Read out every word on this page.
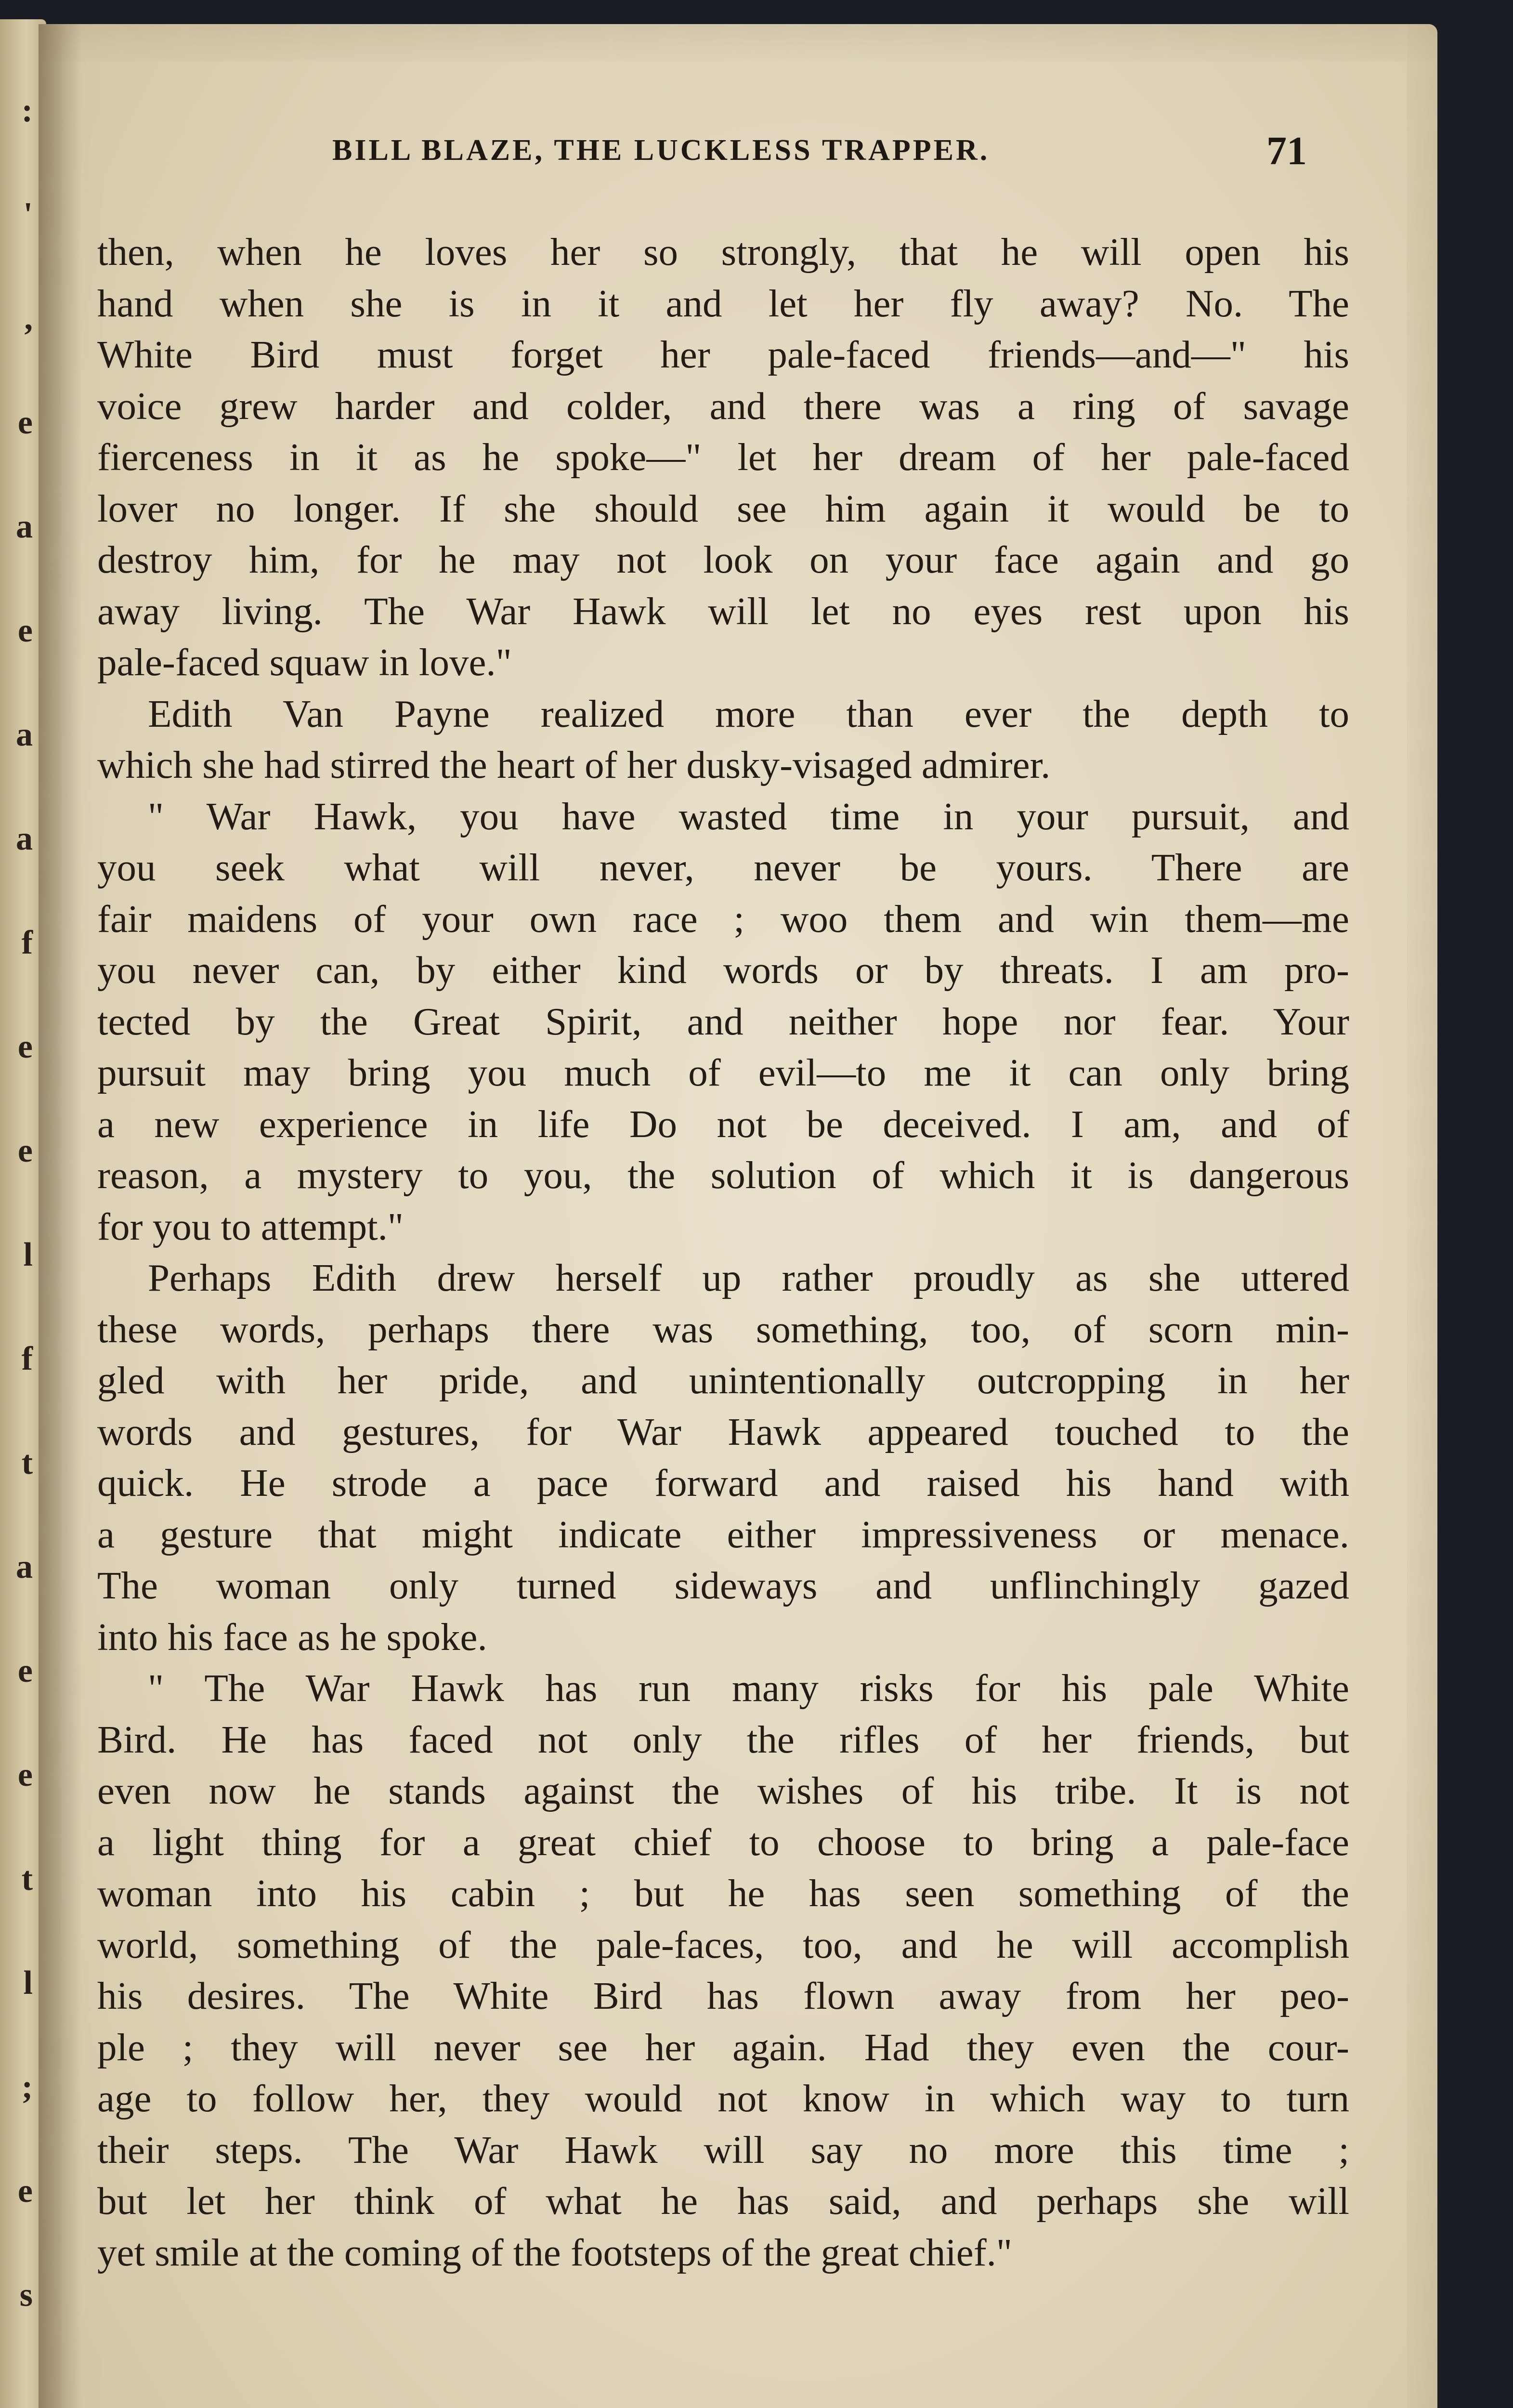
:
'
,
e
a
e
a
a
f
e
e
l
f
t
a
e
e
t
l
;
e
s
BILL BLAZE, THE LUCKLESS TRAPPER.	71

then, when he loves her so strongly, that he will open his

hand when she is in it and let her fly away? No. The

White Bird must forget her pale-faced friends—and—" his

voice grew harder and colder, and there was a ring of savage

fierceness in it as he spoke—" let her dream of her pale-faced

lover no longer. If she should see him again it would be to

destroy him, for he may not look on your face again and go

away living. The War Hawk will let no eyes rest upon his

pale-faced squaw in love."

Edith Van Payne realized more than ever the depth to

which she had stirred the heart of her dusky-visaged admirer.

" War Hawk, you have wasted time in your pursuit, and

you seek what will never, never be yours. There are

fair maidens of your own race ; woo them and win them—me

you never can, by either kind words or by threats. I am pro-

tected by the Great Spirit, and neither hope nor fear. Your

pursuit may bring you much of evil—to me it can only bring

a new experience in life Do not be deceived. I am, and of

reason, a mystery to you, the solution of which it is dangerous

for you to attempt."

Perhaps Edith drew herself up rather proudly as she uttered

these words, perhaps there was something, too, of scorn min-

gled with her pride, and unintentionally outcropping in her

words and gestures, for War Hawk appeared touched to the

quick. He strode a pace forward and raised his hand with

a gesture that might indicate either impressiveness or menace.

The woman only turned sideways and unflinchingly gazed

into his face as he spoke.

" The War Hawk has run many risks for his pale White

Bird. He has faced not only the rifles of her friends, but

even now he stands against the wishes of his tribe. It is not

a light thing for a great chief to choose to bring a pale-face

woman into his cabin ; but he has seen something of the

world, something of the pale-faces, too, and he will accomplish

his desires. The White Bird has flown away from her peo-

ple ; they will never see her again. Had they even the cour-

age to follow her, they would not know in which way to turn

their steps. The War Hawk will say no more this time ;

but let her think of what he has said, and perhaps she will

yet smile at the coming of the footsteps of the great chief."
